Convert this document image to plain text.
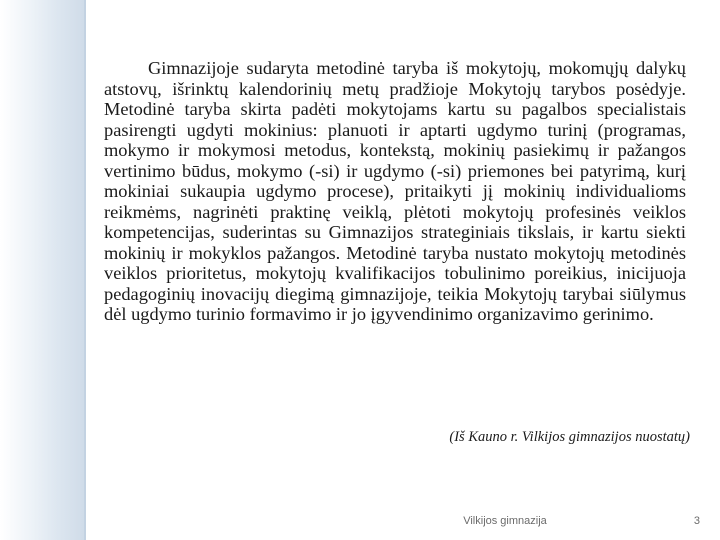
Gimnazijoje sudaryta metodinė taryba iš mokytojų, mokomųjų dalykų atstovų, išrinktų kalendorinių metų pradžioje Mokytojų tarybos posėdyje. Metodinė taryba skirta padėti mokytojams kartu su pagalbos specialistais pasirengti ugdyti mokinius: planuoti ir aptarti ugdymo turinį (programas, mokymo ir mokymosi metodus, kontekstą, mokinių pasiekimų ir pažangos vertinimo būdus, mokymo (-si) ir ugdymo (-si) priemones bei patyrimą, kurį mokiniai sukaupia ugdymo procese), pritaikyti jį mokinių individualioms reikmėms, nagrinėti praktinę veiklą, plėtoti mokytojų profesinės veiklos kompetencijas, suderintas su Gimnazijos strateginiais tikslais, ir kartu siekti mokinių ir mokyklos pažangos. Metodinė taryba nustato mokytojų metodinės veiklos prioritetus, mokytojų kvalifikacijos tobulinimo poreikius, inicijuoja pedagoginių inovacijų diegimą gimnazijoje, teikia Mokytojų tarybai siūlymus dėl ugdymo turinio formavimo ir jo įgyvendinimo organizavimo gerinimo.

(Iš Kauno r. Vilkijos gimnazijos nuostatų)

Vilkijos gimnazija	3
